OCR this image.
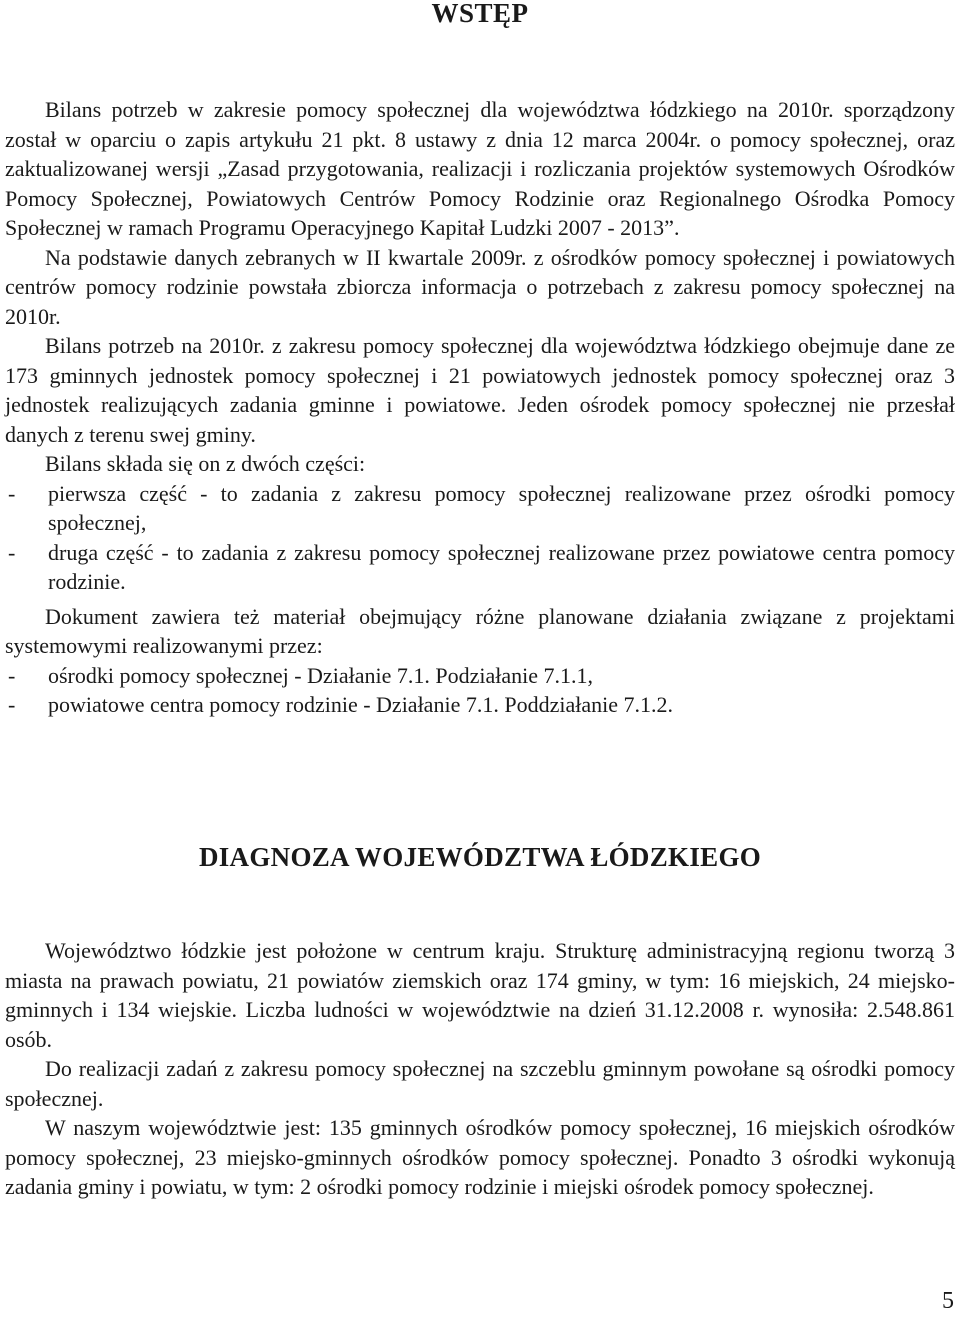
WSTĘP

Bilans potrzeb w zakresie pomocy społecznej dla województwa łódzkiego na 2010r. sporządzony został w oparciu o zapis artykułu 21 pkt. 8 ustawy z dnia 12 marca 2004r. o pomocy społecznej, oraz zaktualizowanej wersji „Zasad przygotowania, realizacji i rozliczania projektów systemowych Ośrodków Pomocy Społecznej, Powiatowych Centrów Pomocy Rodzinie oraz Regionalnego Ośrodka Pomocy Społecznej w ramach Programu Operacyjnego Kapitał Ludzki 2007 - 2013”.

Na podstawie danych zebranych w II kwartale 2009r. z ośrodków pomocy społecznej i powiatowych centrów pomocy rodzinie powstała zbiorcza informacja o potrzebach z zakresu pomocy społecznej na 2010r.

Bilans potrzeb na 2010r. z zakresu pomocy społecznej dla województwa łódzkiego obejmuje dane ze 173 gminnych jednostek pomocy społecznej i 21 powiatowych jednostek pomocy społecznej oraz 3 jednostek realizujących zadania gminne i powiatowe. Jeden ośrodek pomocy społecznej nie przesłał danych z terenu swej gminy.

Bilans składa się on z dwóch części:

- pierwsza część - to zadania z zakresu pomocy społecznej realizowane przez ośrodki pomocy społecznej,
- druga część - to zadania z zakresu pomocy społecznej realizowane przez powiatowe centra pomocy rodzinie.

Dokument zawiera też materiał obejmujący różne planowane działania związane z projektami systemowymi realizowanymi przez:

- ośrodki pomocy społecznej - Działanie 7.1. Podziałanie 7.1.1,
- powiatowe centra pomocy rodzinie - Działanie 7.1. Poddziałanie 7.1.2.
DIAGNOZA WOJEWÓDZTWA ŁÓDZKIEGO

Województwo łódzkie jest położone w centrum kraju. Strukturę administracyjną regionu tworzą 3 miasta na prawach powiatu, 21 powiatów ziemskich oraz 174 gminy, w tym: 16 miejskich, 24 miejsko-gminnych i 134 wiejskie. Liczba ludności w województwie na dzień 31.12.2008 r. wynosiła: 2.548.861 osób.

Do realizacji zadań z zakresu pomocy społecznej na szczeblu gminnym powołane są ośrodki pomocy społecznej.

W naszym województwie jest: 135 gminnych ośrodków pomocy społecznej, 16 miejskich ośrodków pomocy społecznej, 23 miejsko-gminnych ośrodków pomocy społecznej. Ponadto 3 ośrodki wykonują zadania gminy i powiatu, w tym: 2 ośrodki pomocy rodzinie i miejski ośrodek pomocy społecznej.

5
